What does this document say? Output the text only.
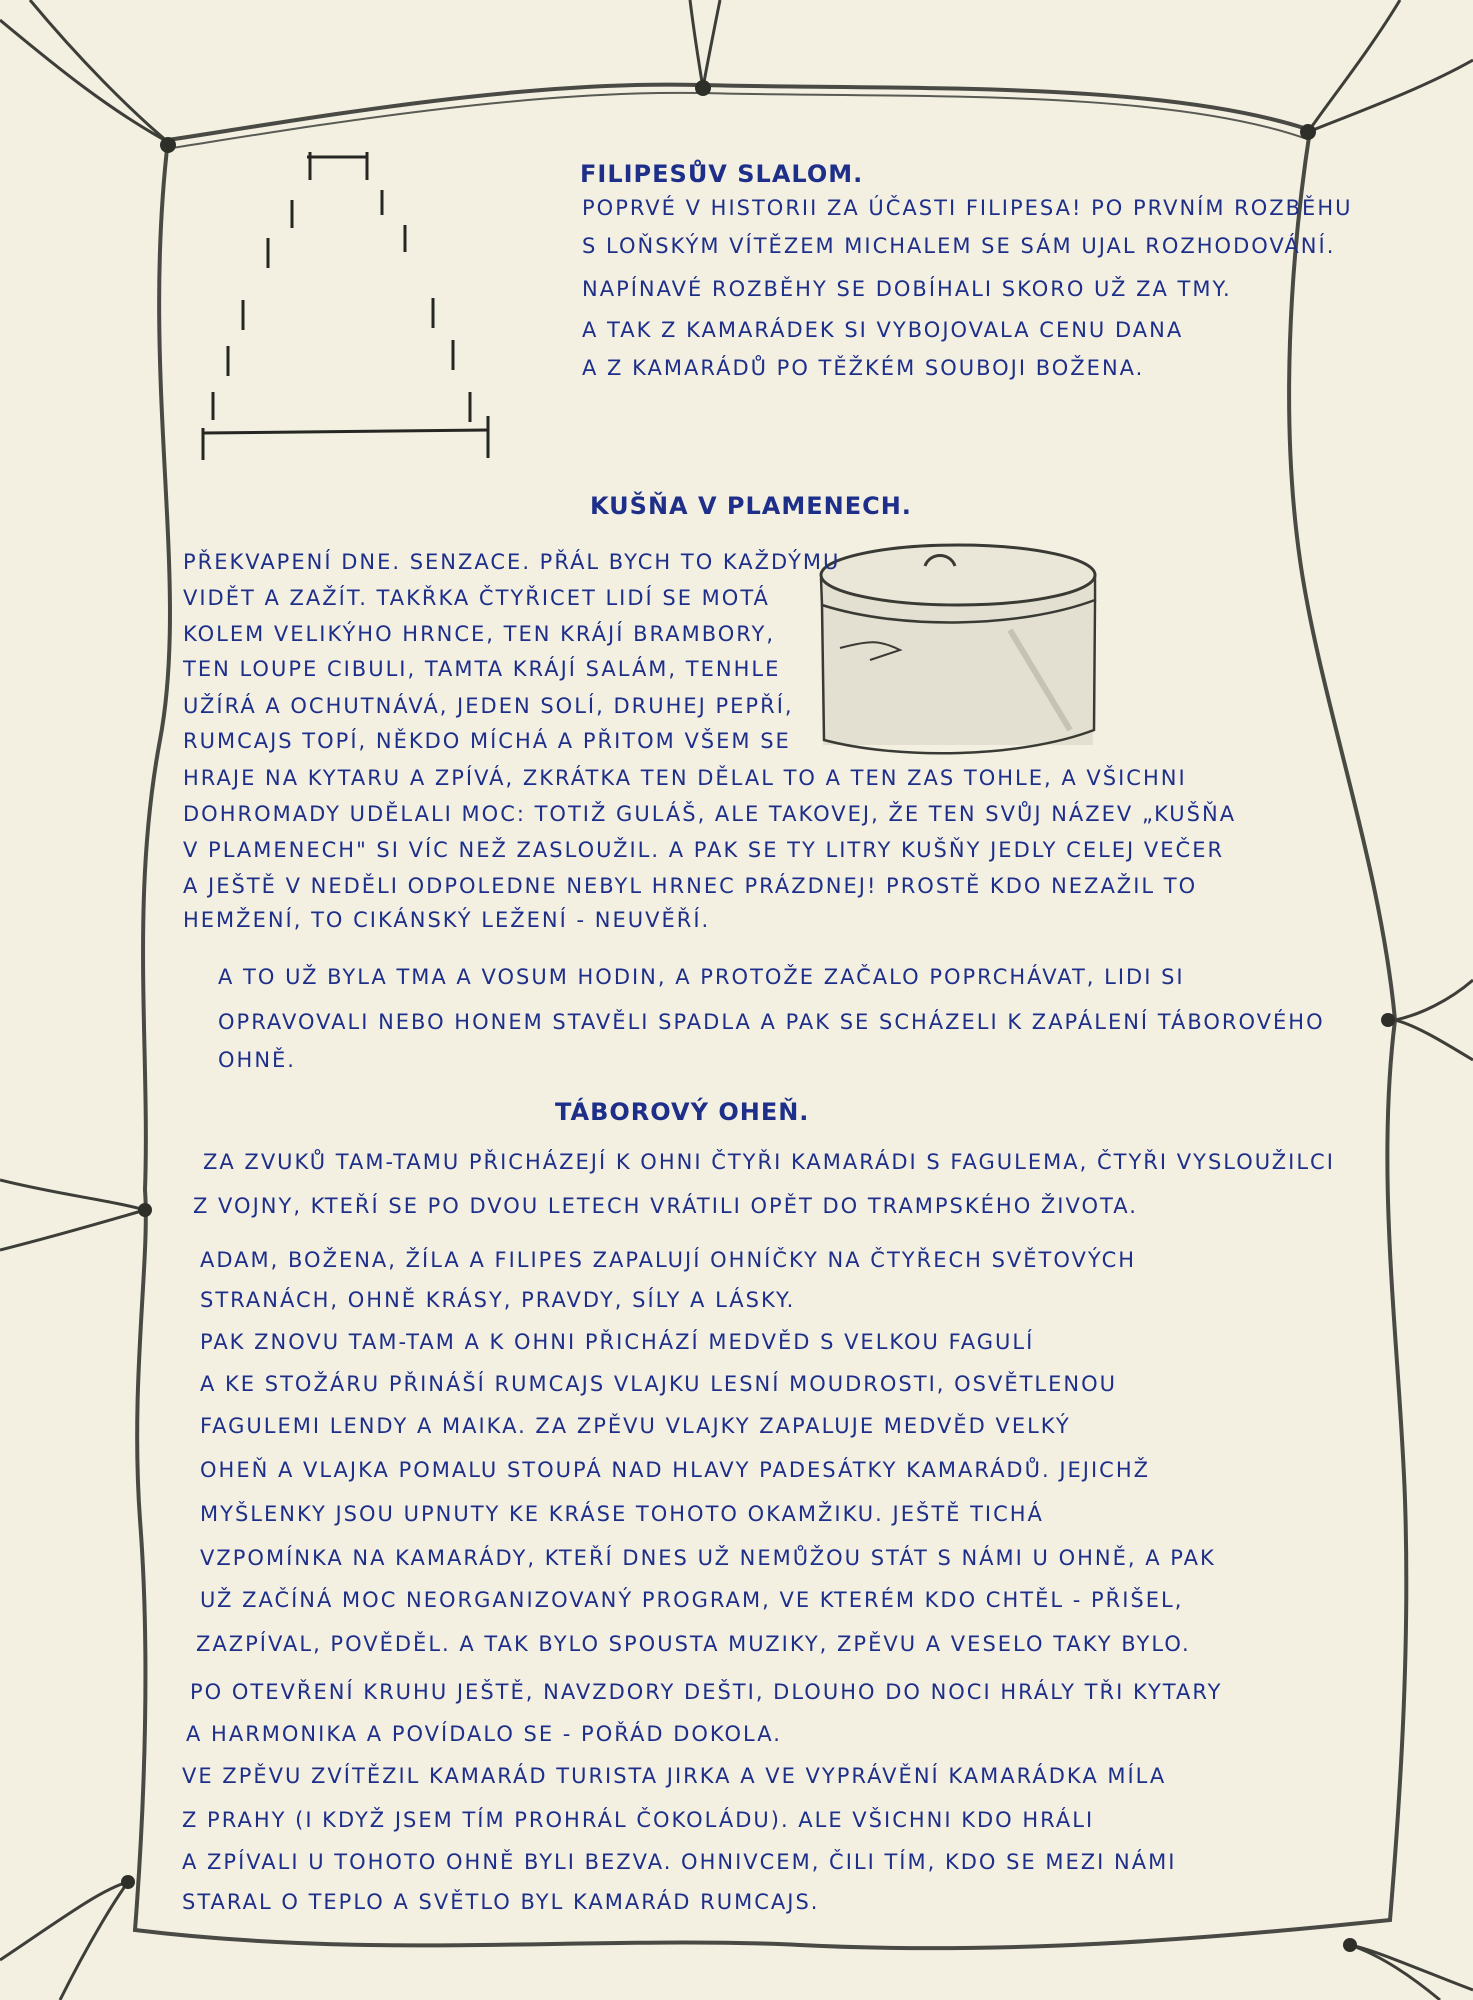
FILIPESŮV SLALOM.
POPRVÉ V HISTORII ZA ÚČASTI FILIPESA! PO PRVNÍM ROZBĚHU
S LOŇSKÝM VÍTĚZEM MICHALEM SE SÁM UJAL ROZHODOVÁNÍ.
NAPÍNAVÉ ROZBĚHY SE DOBÍHALI SKORO UŽ ZA TMY.
A TAK Z KAMARÁDEK SI VYBOJOVALA CENU DANA
A Z KAMARÁDŮ PO TĚŽKÉM SOUBOJI BOŽENA.
KUŠŇA V PLAMENECH.
PŘEKVAPENÍ DNE. SENZACE. PŘÁL BYCH TO KAŽDÝMU
VIDĚT A ZAŽÍT. TAKŘKA ČTYŘICET LIDÍ SE MOTÁ
KOLEM VELIKÝHO HRNCE, TEN KRÁJÍ BRAMBORY,
TEN LOUPE CIBULI, TAMTA KRÁJÍ SALÁM, TENHLE
UŽÍRÁ A OCHUTNÁVÁ, JEDEN SOLÍ, DRUHEJ PEPŘÍ,
RUMCAJS TOPÍ, NĚKDO MÍCHÁ A PŘITOM VŠEM SE
HRAJE NA KYTARU A ZPÍVÁ, ZKRÁTKA TEN DĚLAL TO A TEN ZAS TOHLE, A VŠICHNI
DOHROMADY UDĚLALI MOC: TOTIŽ GULÁŠ, ALE TAKOVEJ, ŽE TEN SVŮJ NÁZEV „KUŠŇA
V PLAMENECH" SI VÍC NEŽ ZASLOUŽIL. A PAK SE TY LITRY KUŠŇY JEDLY CELEJ VEČER
A JEŠTĚ V NEDĚLI ODPOLEDNE NEBYL HRNEC PRÁZDNEJ! PROSTĚ KDO NEZAŽIL TO
HEMŽENÍ, TO CIKÁNSKÝ LEŽENÍ - NEUVĚŘÍ.
A TO UŽ BYLA TMA A VOSUM HODIN, A PROTOŽE ZAČALO POPRCHÁVAT, LIDI SI
OPRAVOVALI NEBO HONEM STAVĚLI SPADLA A PAK SE SCHÁZELI K ZAPÁLENÍ TÁBOROVÉHO
OHNĚ.
TÁBOROVÝ OHEŇ.
ZA ZVUKŮ TAM-TAMU PŘICHÁZEJÍ K OHNI ČTYŘI KAMARÁDI S FAGULEMA, ČTYŘI VYSLOUŽILCI
Z VOJNY, KTEŘÍ SE PO DVOU LETECH VRÁTILI OPĚT DO TRAMPSKÉHO ŽIVOTA.
ADAM, BOŽENA, ŽÍLA A FILIPES ZAPALUJÍ OHNÍČKY NA ČTYŘECH SVĚTOVÝCH
STRANÁCH, OHNĚ KRÁSY, PRAVDY, SÍLY A LÁSKY.
PAK ZNOVU TAM-TAM A K OHNI PŘICHÁZÍ MEDVĚD S VELKOU FAGULÍ
A KE STOŽÁRU PŘINÁŠÍ RUMCAJS VLAJKU LESNÍ MOUDROSTI, OSVĚTLENOU
FAGULEMI LENDY A MAIKA. ZA ZPĚVU VLAJKY ZAPALUJE MEDVĚD VELKÝ
OHEŇ A VLAJKA POMALU STOUPÁ NAD HLAVY PADESÁTKY KAMARÁDŮ. JEJICHŽ
MYŠLENKY JSOU UPNUTY KE KRÁSE TOHOTO OKAMŽIKU. JEŠTĚ TICHÁ
VZPOMÍNKA NA KAMARÁDY, KTEŘÍ DNES UŽ NEMŮŽOU STÁT S NÁMI U OHNĚ, A PAK
UŽ ZAČÍNÁ MOC NEORGANIZOVANÝ PROGRAM, VE KTERÉM KDO CHTĚL - PŘIŠEL,
ZAZPÍVAL, POVĚDĚL. A TAK BYLO SPOUSTA MUZIKY, ZPĚVU A VESELO TAKY BYLO.
PO OTEVŘENÍ KRUHU JEŠTĚ, NAVZDORY DEŠTI, DLOUHO DO NOCI HRÁLY TŘI KYTARY
A HARMONIKA A POVÍDALO SE - POŘÁD DOKOLA.
VE ZPĚVU ZVÍTĚZIL KAMARÁD TURISTA JIRKA A VE VYPRÁVĚNÍ KAMARÁDKA MÍLA
Z PRAHY (I KDYŽ JSEM TÍM PROHRÁL ČOKOLÁDU). ALE VŠICHNI KDO HRÁLI
A ZPÍVALI U TOHOTO OHNĚ BYLI BEZVA. OHNIVCEM, ČILI TÍM, KDO SE MEZI NÁMI
STARAL O TEPLO A SVĚTLO BYL KAMARÁD RUMCAJS.
